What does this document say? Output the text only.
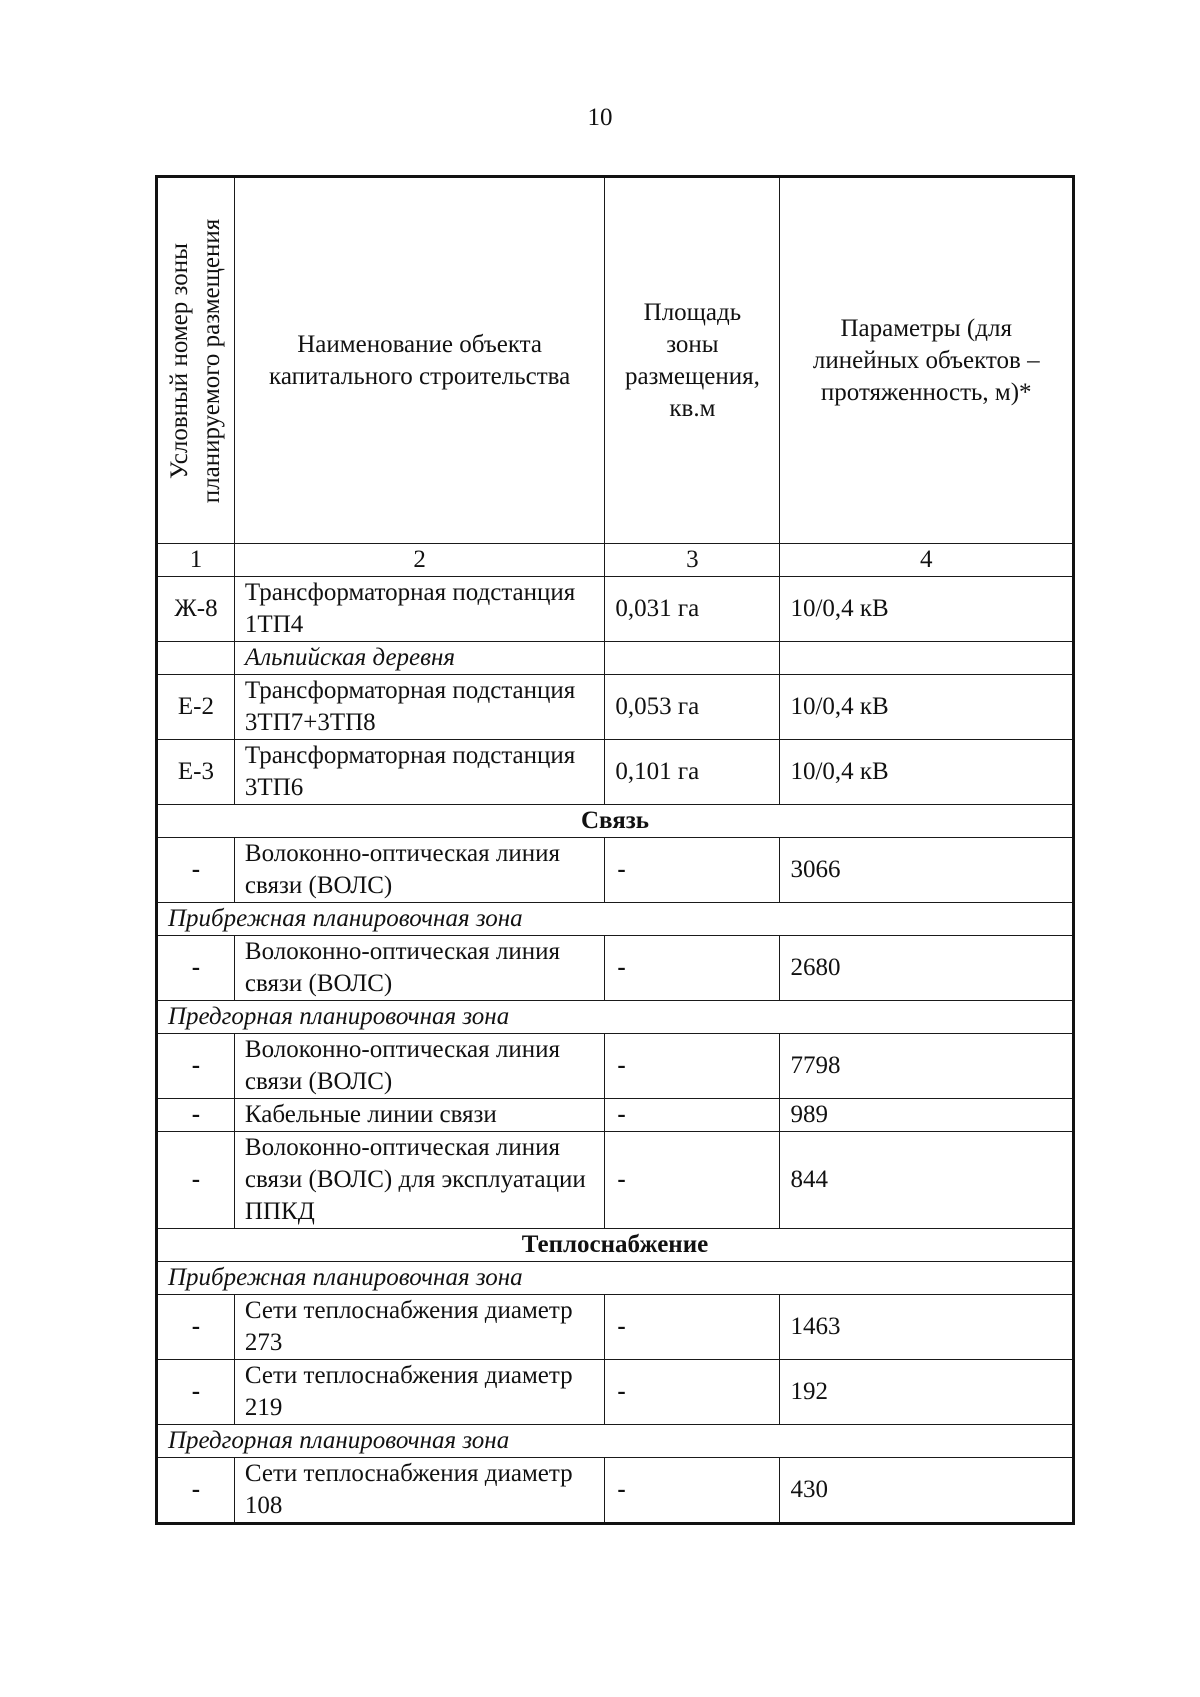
10
Условный номер зоны планируемого размещения	Наименование объекта капитального строительства	Площадь зоны размещения, кв.м	Параметры (для линейных объектов – протяженность, м)*
1	2	3	4
Ж-8	Трансформаторная подстанция 1ТП4	0,031 га	10/0,4 кВ
	Альпийская деревня		
Е-2	Трансформаторная подстанция 3ТП7+3ТП8	0,053 га	10/0,4 кВ
Е-3	Трансформаторная подстанция 3ТП6	0,101 га	10/0,4 кВ
Связь			
-	Волоконно-оптическая линия связи (ВОЛС)	-	3066
Прибрежная планировочная зона			
-	Волоконно-оптическая линия связи (ВОЛС)	-	2680
Предгорная планировочная зона			
-	Волоконно-оптическая линия связи (ВОЛС)	-	7798
-	Кабельные линии связи	-	989
-	Волоконно-оптическая линия связи (ВОЛС) для эксплуатации ППКД	-	844
Теплоснабжение			
Прибрежная планировочная зона			
-	Сети теплоснабжения диаметр 273	-	1463
-	Сети теплоснабжения диаметр 219	-	192
Предгорная планировочная зона			
-	Сети теплоснабжения диаметр 108	-	430
